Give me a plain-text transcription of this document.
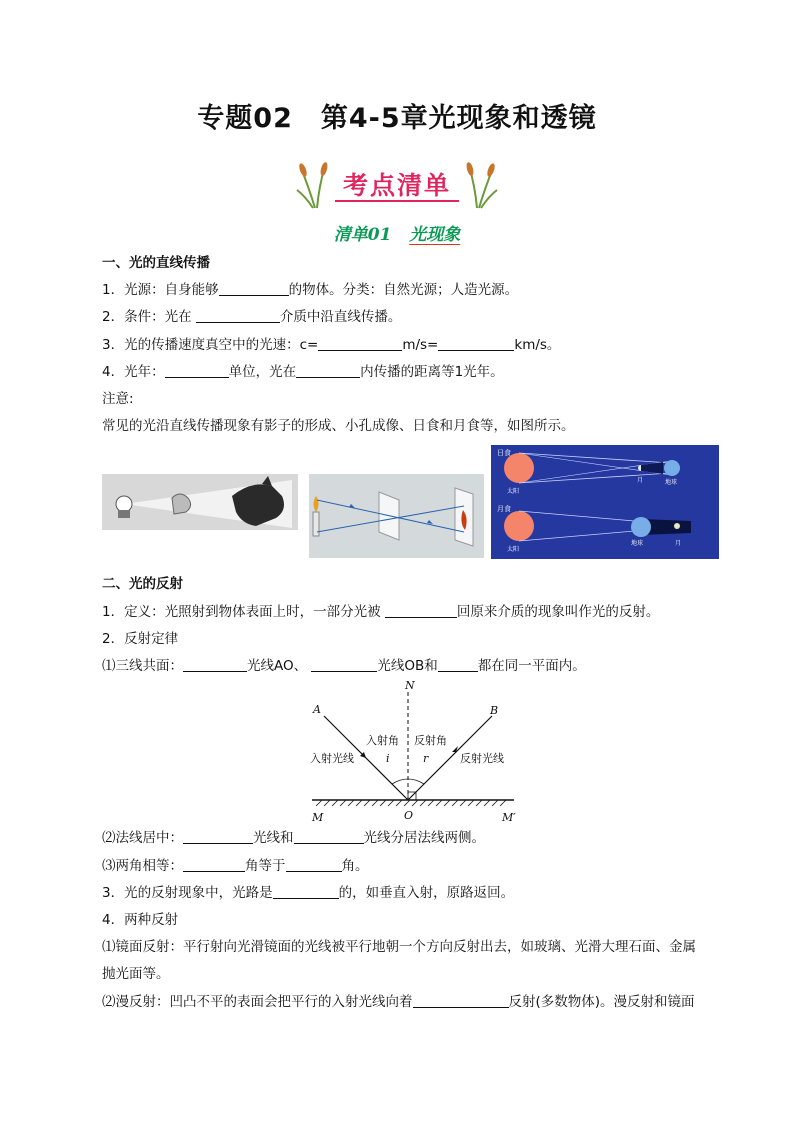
专题02　第4-5章光现象和透镜
考点清单
清单01 光现象
一、光的直线传播
1．光源：自身能够	的物体。分类：自然光源；人造光源。
2．条件：光在	介质中沿直线传播。
3．光的传播速度真空中的光速：c=	m/s=	km/s。
4．光年：	单位，光在	内传播的距离等1光年。
注意:
常见的光沿直线传播现象有影子的形成、小孔成像、日食和月食等，如图所示。
日食
太阳
月	地球
月食
太阳
地球	月
二、光的反射
1．定义：光照射到物体表面上时，一部分光被	回原来介质的现象叫作光的反射。
2．反射定律
⑴三线共面：	光线AO、	光线OB和	都在同一平面内。
N
A	B
M	M′
O
i	r
入射角 反射角
入射光线	反射光线
⑵法线居中：	光线和	光线分居法线两侧。
⑶两角相等：	角等于	角。
3．光的反射现象中，光路是	的，如垂直入射，原路返回。
4．两种反射
⑴镜面反射：平行射向光滑镜面的光线被平行地朝一个方向反射出去，如玻璃、光滑大理石面、金属
抛光面等。
⑵漫反射：凹凸不平的表面会把平行的入射光线向着	反射(多数物体)。漫反射和镜面
